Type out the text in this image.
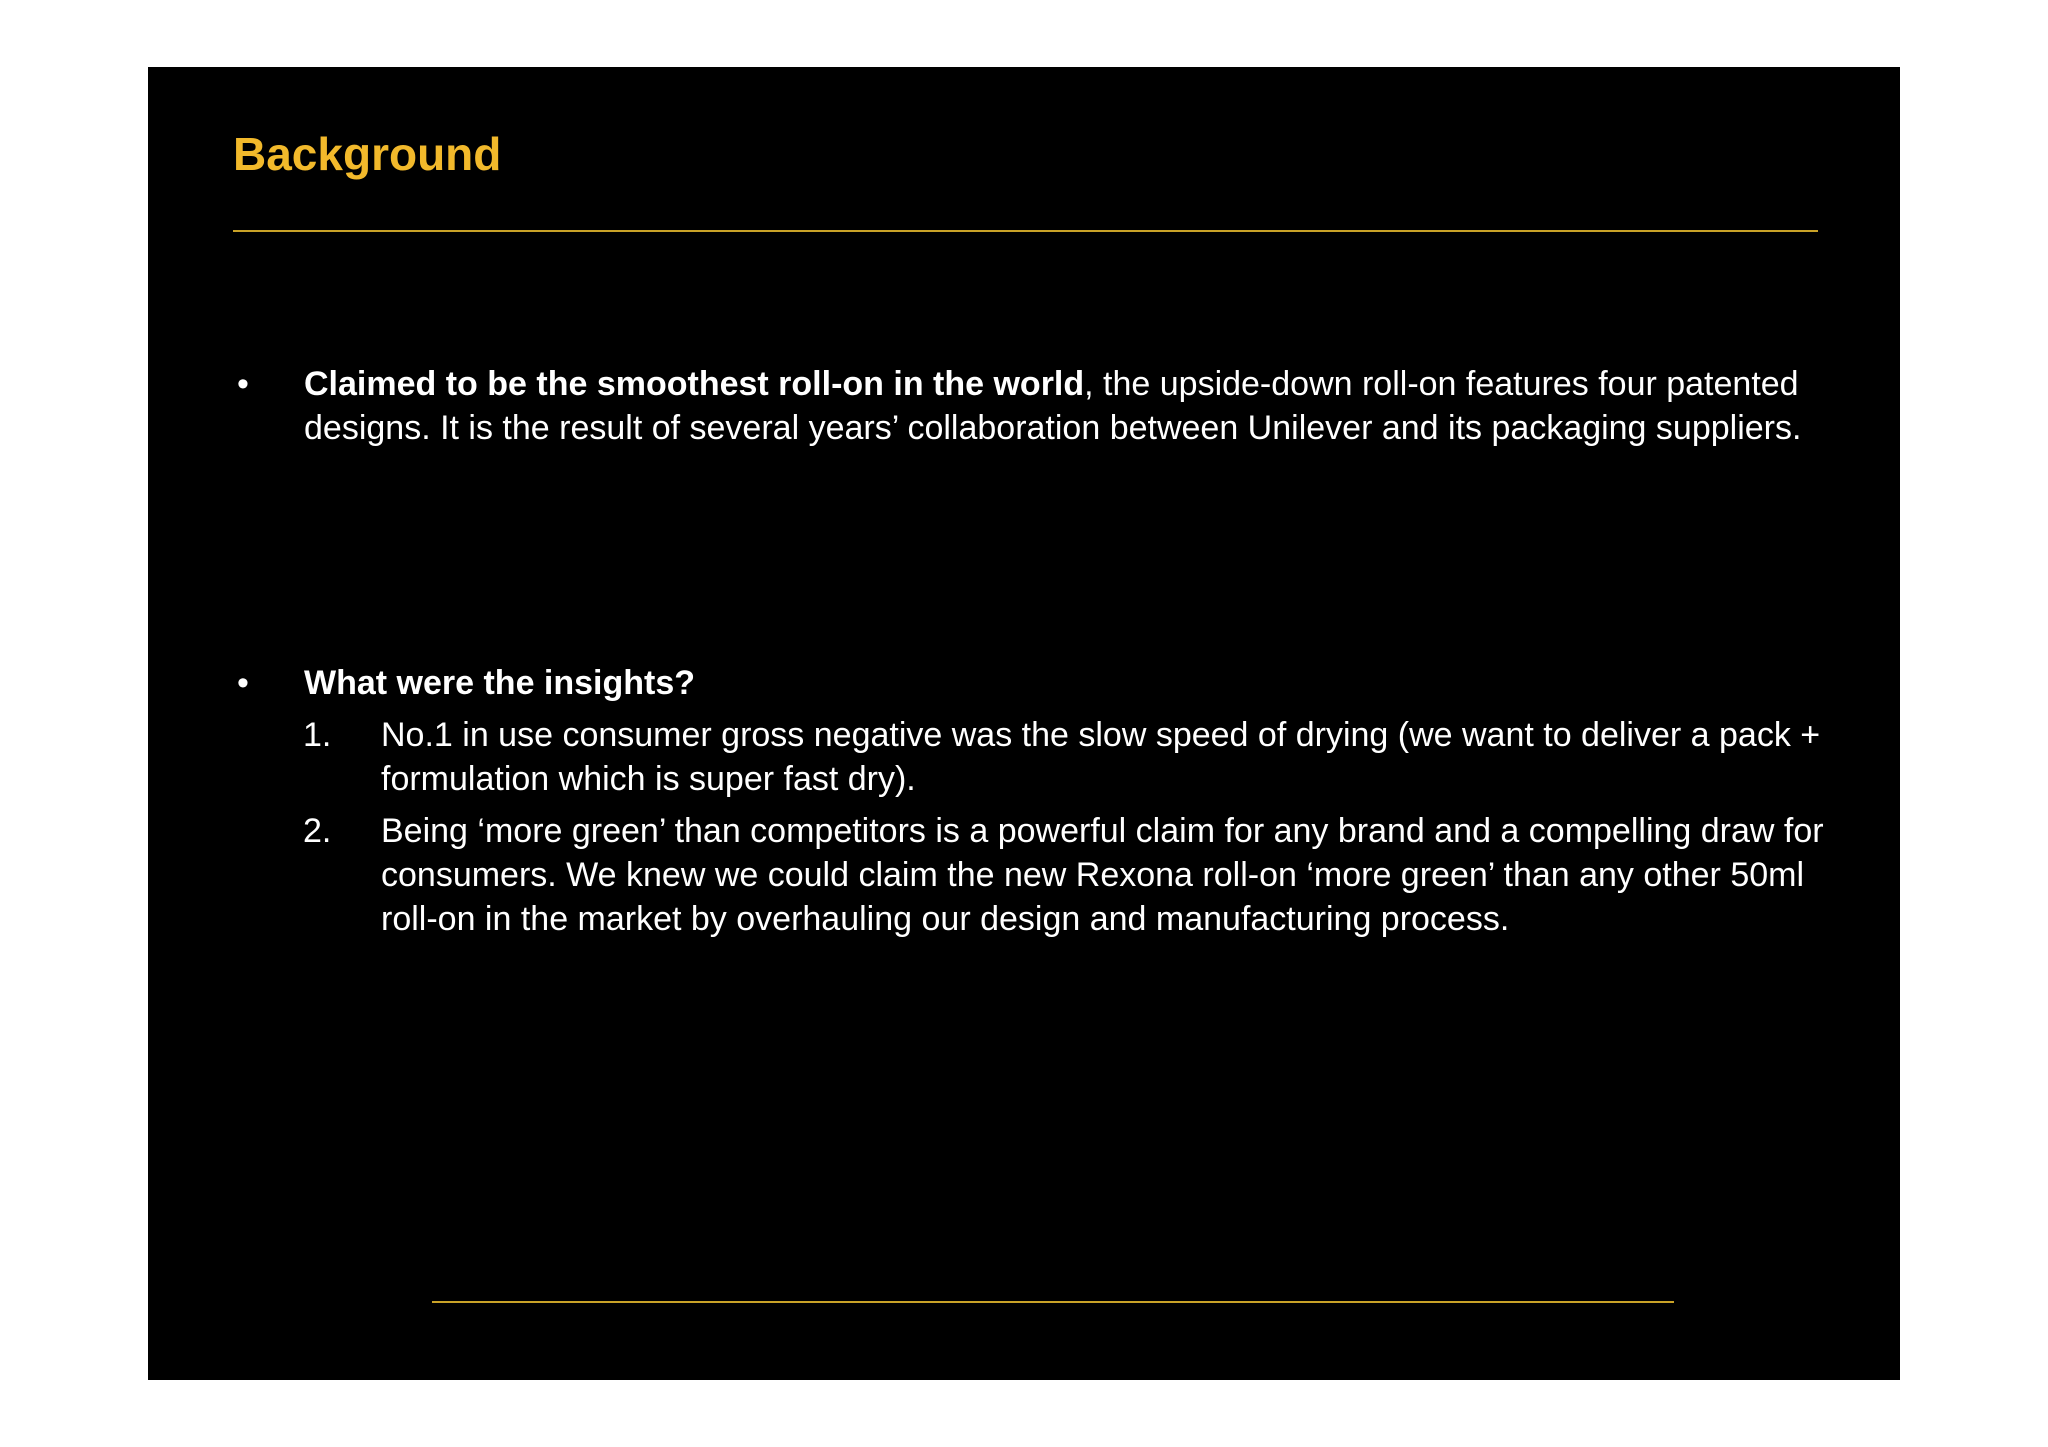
Background
•	Claimed to be the smoothest roll-on in the world, the upside-down roll-on features four patented designs. It is the result of several years’ collaboration between Unilever and its packaging suppliers.
•	What were the insights?
1. No.1 in use consumer gross negative was the slow speed of drying (we want to deliver a pack + formulation which is super fast dry).
2. Being ‘more green’ than competitors is a powerful claim for any brand and a compelling draw for consumers. We knew we could claim the new Rexona roll-on ‘more green’ than any other 50ml roll-on in the market by overhauling our design and manufacturing process.
